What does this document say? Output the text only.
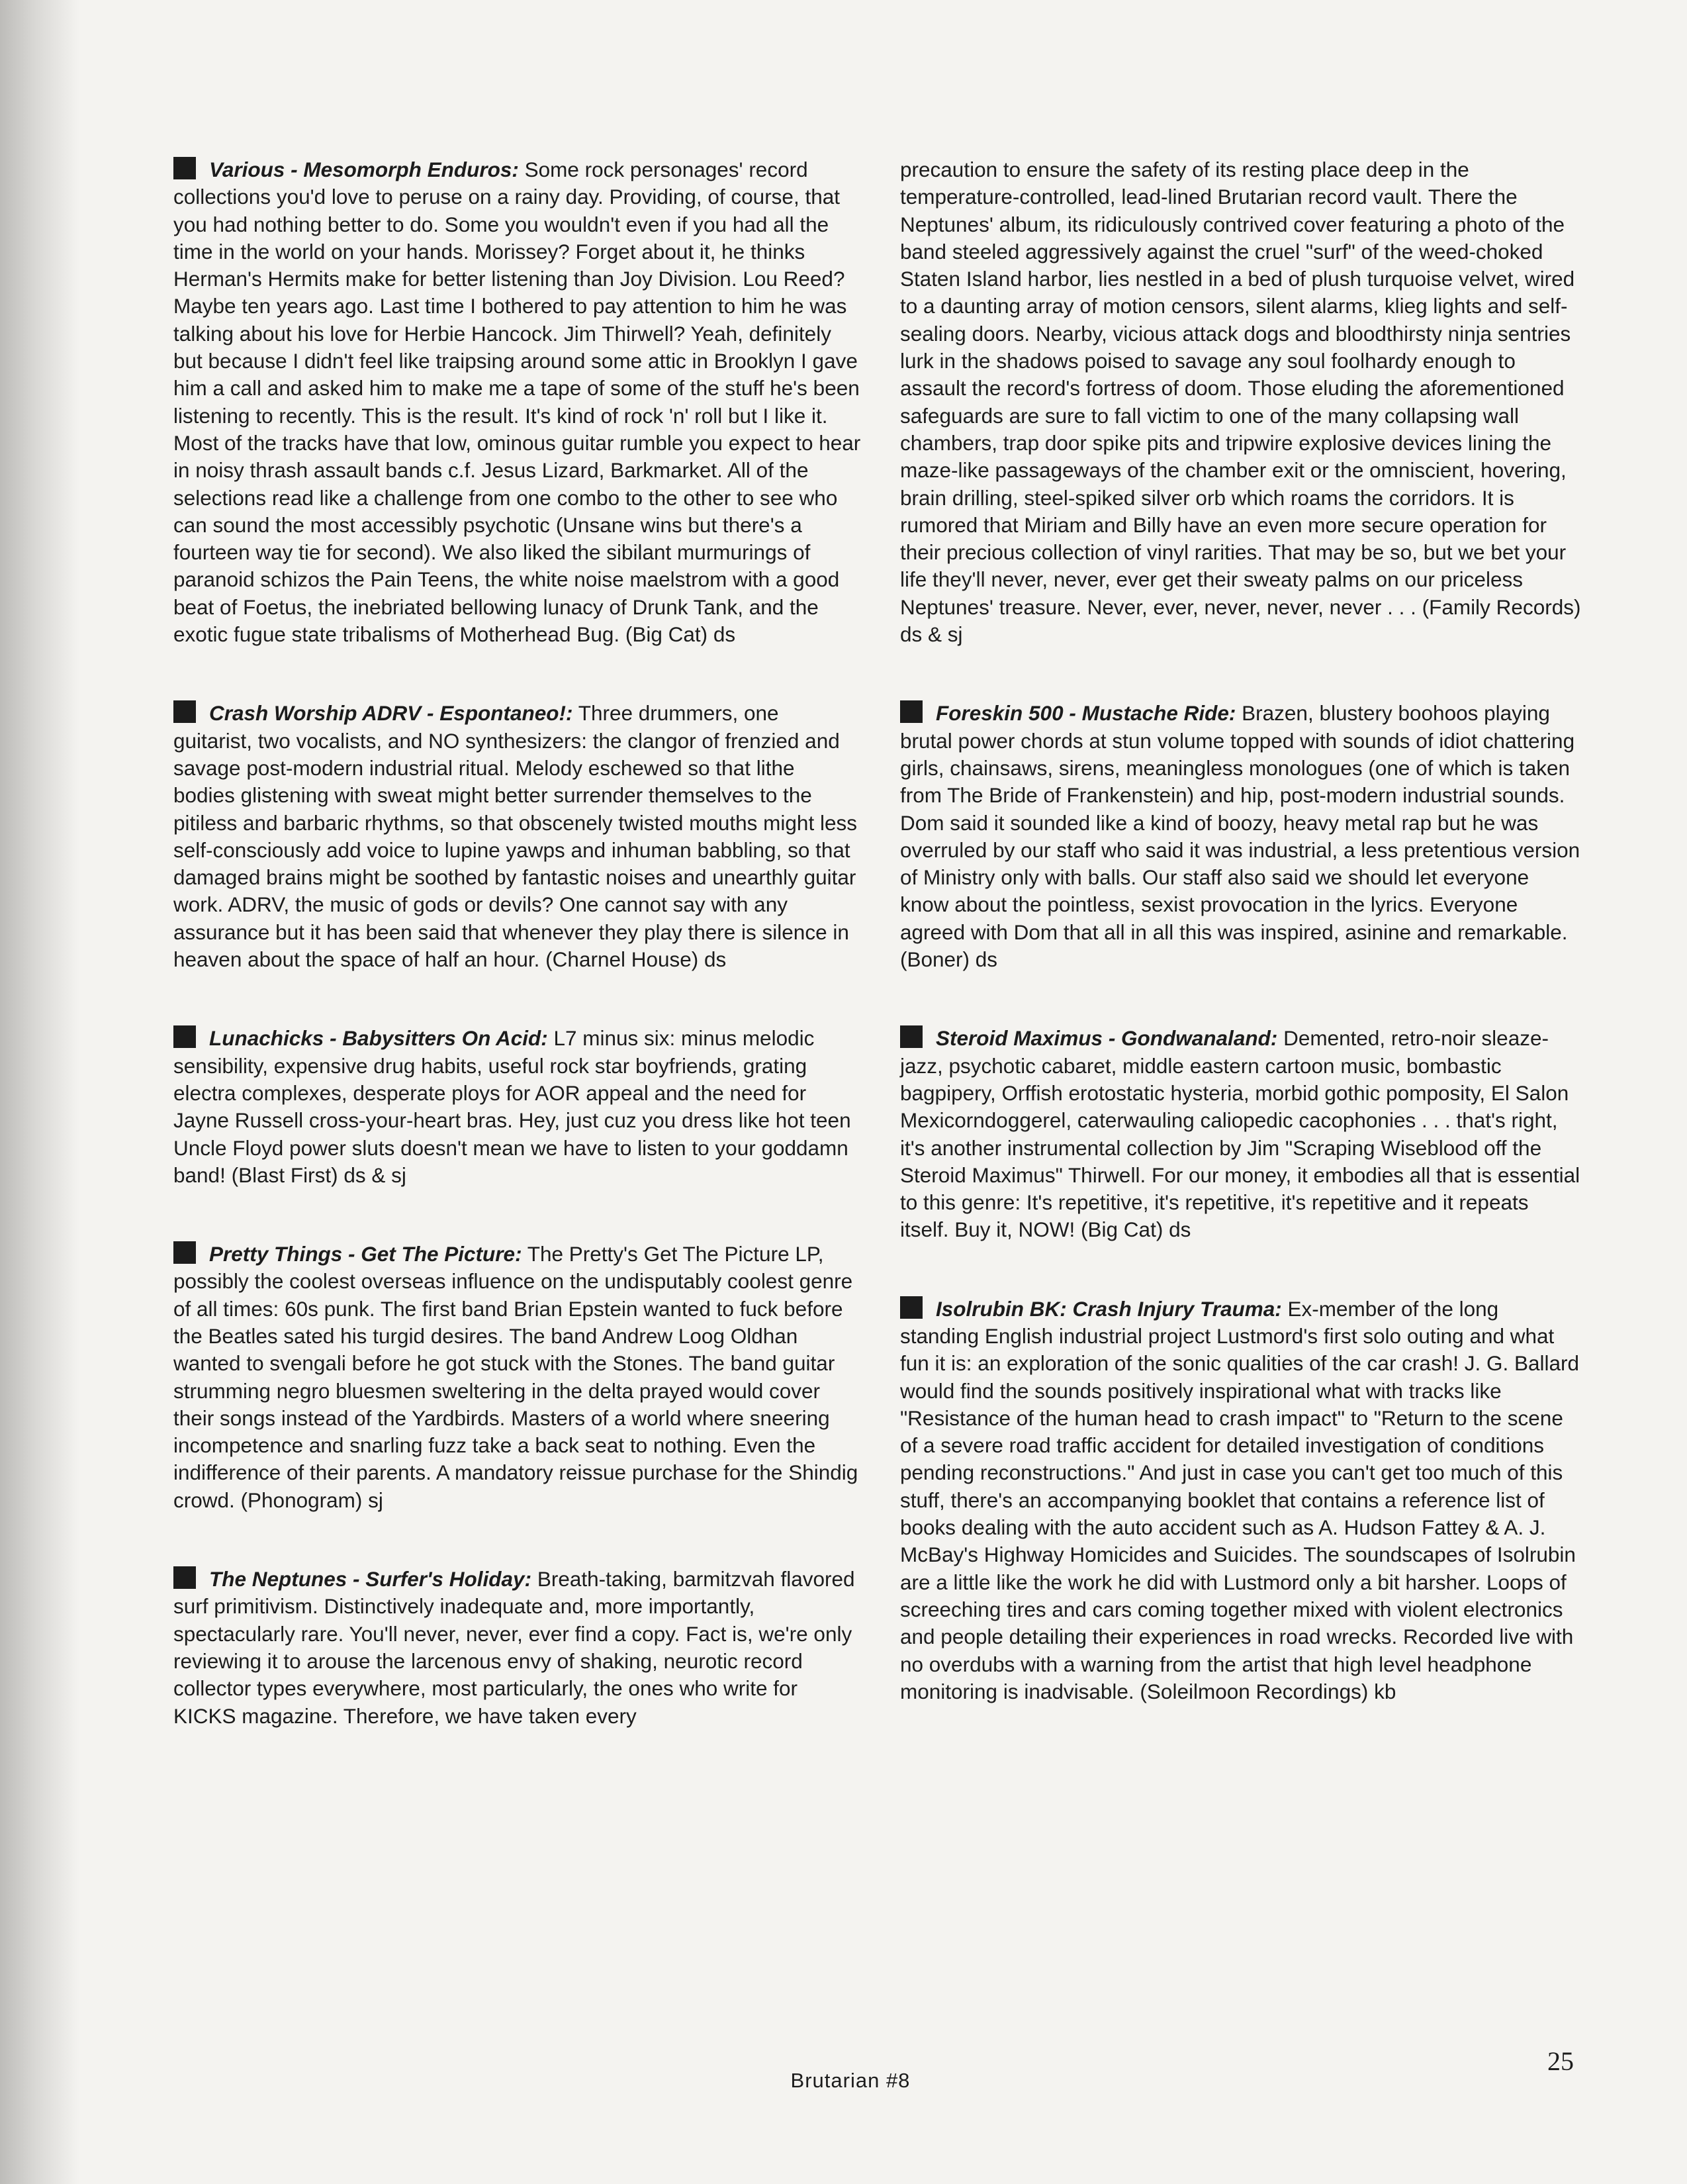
Various - Mesomorph Enduros: Some rock personages' record collections you'd love to peruse on a rainy day. Providing, of course, that you had nothing better to do. Some you wouldn't even if you had all the time in the world on your hands. Morissey? Forget about it, he thinks Herman's Hermits make for better listening than Joy Division. Lou Reed? Maybe ten years ago. Last time I bothered to pay attention to him he was talking about his love for Herbie Hancock. Jim Thirwell? Yeah, definitely but because I didn't feel like traipsing around some attic in Brooklyn I gave him a call and asked him to make me a tape of some of the stuff he's been listening to recently. This is the result. It's kind of rock 'n' roll but I like it. Most of the tracks have that low, ominous guitar rumble you expect to hear in noisy thrash assault bands c.f. Jesus Lizard, Barkmarket. All of the selections read like a challenge from one combo to the other to see who can sound the most accessibly psychotic (Unsane wins but there's a fourteen way tie for second). We also liked the sibilant murmurings of paranoid schizos the Pain Teens, the white noise maelstrom with a good beat of Foetus, the inebriated bellowing lunacy of Drunk Tank, and the exotic fugue state tribalisms of Motherhead Bug. (Big Cat) ds
Crash Worship ADRV - Espontaneo!: Three drummers, one guitarist, two vocalists, and NO synthesizers: the clangor of frenzied and savage post-modern industrial ritual. Melody eschewed so that lithe bodies glistening with sweat might better surrender themselves to the pitiless and barbaric rhythms, so that obscenely twisted mouths might less self-consciously add voice to lupine yawps and inhuman babbling, so that damaged brains might be soothed by fantastic noises and unearthly guitar work. ADRV, the music of gods or devils? One cannot say with any assurance but it has been said that whenever they play there is silence in heaven about the space of half an hour. (Charnel House) ds
Lunachicks - Babysitters On Acid: L7 minus six: minus melodic sensibility, expensive drug habits, useful rock star boyfriends, grating electra complexes, desperate ploys for AOR appeal and the need for Jayne Russell cross-your-heart bras. Hey, just cuz you dress like hot teen Uncle Floyd power sluts doesn't mean we have to listen to your goddamn band! (Blast First) ds & sj
Pretty Things - Get The Picture: The Pretty's Get The Picture LP, possibly the coolest overseas influence on the undisputably coolest genre of all times: 60s punk. The first band Brian Epstein wanted to fuck before the Beatles sated his turgid desires. The band Andrew Loog Oldhan wanted to svengali before he got stuck with the Stones. The band guitar strumming negro bluesmen sweltering in the delta prayed would cover their songs instead of the Yardbirds. Masters of a world where sneering incompetence and snarling fuzz take a back seat to nothing. Even the indifference of their parents. A mandatory reissue purchase for the Shindig crowd. (Phonogram) sj
The Neptunes - Surfer's Holiday: Breath-taking, barmitzvah flavored surf primitivism. Distinctively inadequate and, more importantly, spectacularly rare. You'll never, never, ever find a copy. Fact is, we're only reviewing it to arouse the larcenous envy of shaking, neurotic record collector types everywhere, most particularly, the ones who write for KICKS magazine. Therefore, we have taken every
precaution to ensure the safety of its resting place deep in the temperature-controlled, lead-lined Brutarian record vault. There the Neptunes' album, its ridiculously contrived cover featuring a photo of the band steeled aggressively against the cruel "surf" of the weed-choked Staten Island harbor, lies nestled in a bed of plush turquoise velvet, wired to a daunting array of motion censors, silent alarms, klieg lights and self-sealing doors. Nearby, vicious attack dogs and bloodthirsty ninja sentries lurk in the shadows poised to savage any soul foolhardy enough to assault the record's fortress of doom. Those eluding the aforementioned safeguards are sure to fall victim to one of the many collapsing wall chambers, trap door spike pits and tripwire explosive devices lining the maze-like passageways of the chamber exit or the omniscient, hovering, brain drilling, steel-spiked silver orb which roams the corridors. It is rumored that Miriam and Billy have an even more secure operation for their precious collection of vinyl rarities. That may be so, but we bet your life they'll never, never, ever get their sweaty palms on our priceless Neptunes' treasure. Never, ever, never, never, never . . . (Family Records) ds & sj
Foreskin 500 - Mustache Ride: Brazen, blustery boohoos playing brutal power chords at stun volume topped with sounds of idiot chattering girls, chainsaws, sirens, meaningless monologues (one of which is taken from The Bride of Frankenstein) and hip, post-modern industrial sounds. Dom said it sounded like a kind of boozy, heavy metal rap but he was overruled by our staff who said it was industrial, a less pretentious version of Ministry only with balls. Our staff also said we should let everyone know about the pointless, sexist provocation in the lyrics. Everyone agreed with Dom that all in all this was inspired, asinine and remarkable. (Boner) ds
Steroid Maximus - Gondwanaland: Demented, retro-noir sleaze-jazz, psychotic cabaret, middle eastern cartoon music, bombastic bagpipery, Orffish erotostatic hysteria, morbid gothic pomposity, El Salon Mexicorndoggerel, caterwauling caliopedic cacophonies . . . that's right, it's another instrumental collection by Jim "Scraping Wiseblood off the Steroid Maximus" Thirwell. For our money, it embodies all that is essential to this genre: It's repetitive, it's repetitive, it's repetitive and it repeats itself. Buy it, NOW! (Big Cat) ds
Isolrubin BK: Crash Injury Trauma: Ex-member of the long standing English industrial project Lustmord's first solo outing and what fun it is: an exploration of the sonic qualities of the car crash! J. G. Ballard would find the sounds positively inspirational what with tracks like "Resistance of the human head to crash impact" to "Return to the scene of a severe road traffic accident for detailed investigation of conditions pending reconstructions." And just in case you can't get too much of this stuff, there's an accompanying booklet that contains a reference list of books dealing with the auto accident such as A. Hudson Fattey & A. J. McBay's Highway Homicides and Suicides. The soundscapes of Isolrubin are a little like the work he did with Lustmord only a bit harsher. Loops of screeching tires and cars coming together mixed with violent electronics and people detailing their experiences in road wrecks. Recorded live with no overdubs with a warning from the artist that high level headphone monitoring is inadvisable. (Soleilmoon Recordings) kb
25
Brutarian #8
